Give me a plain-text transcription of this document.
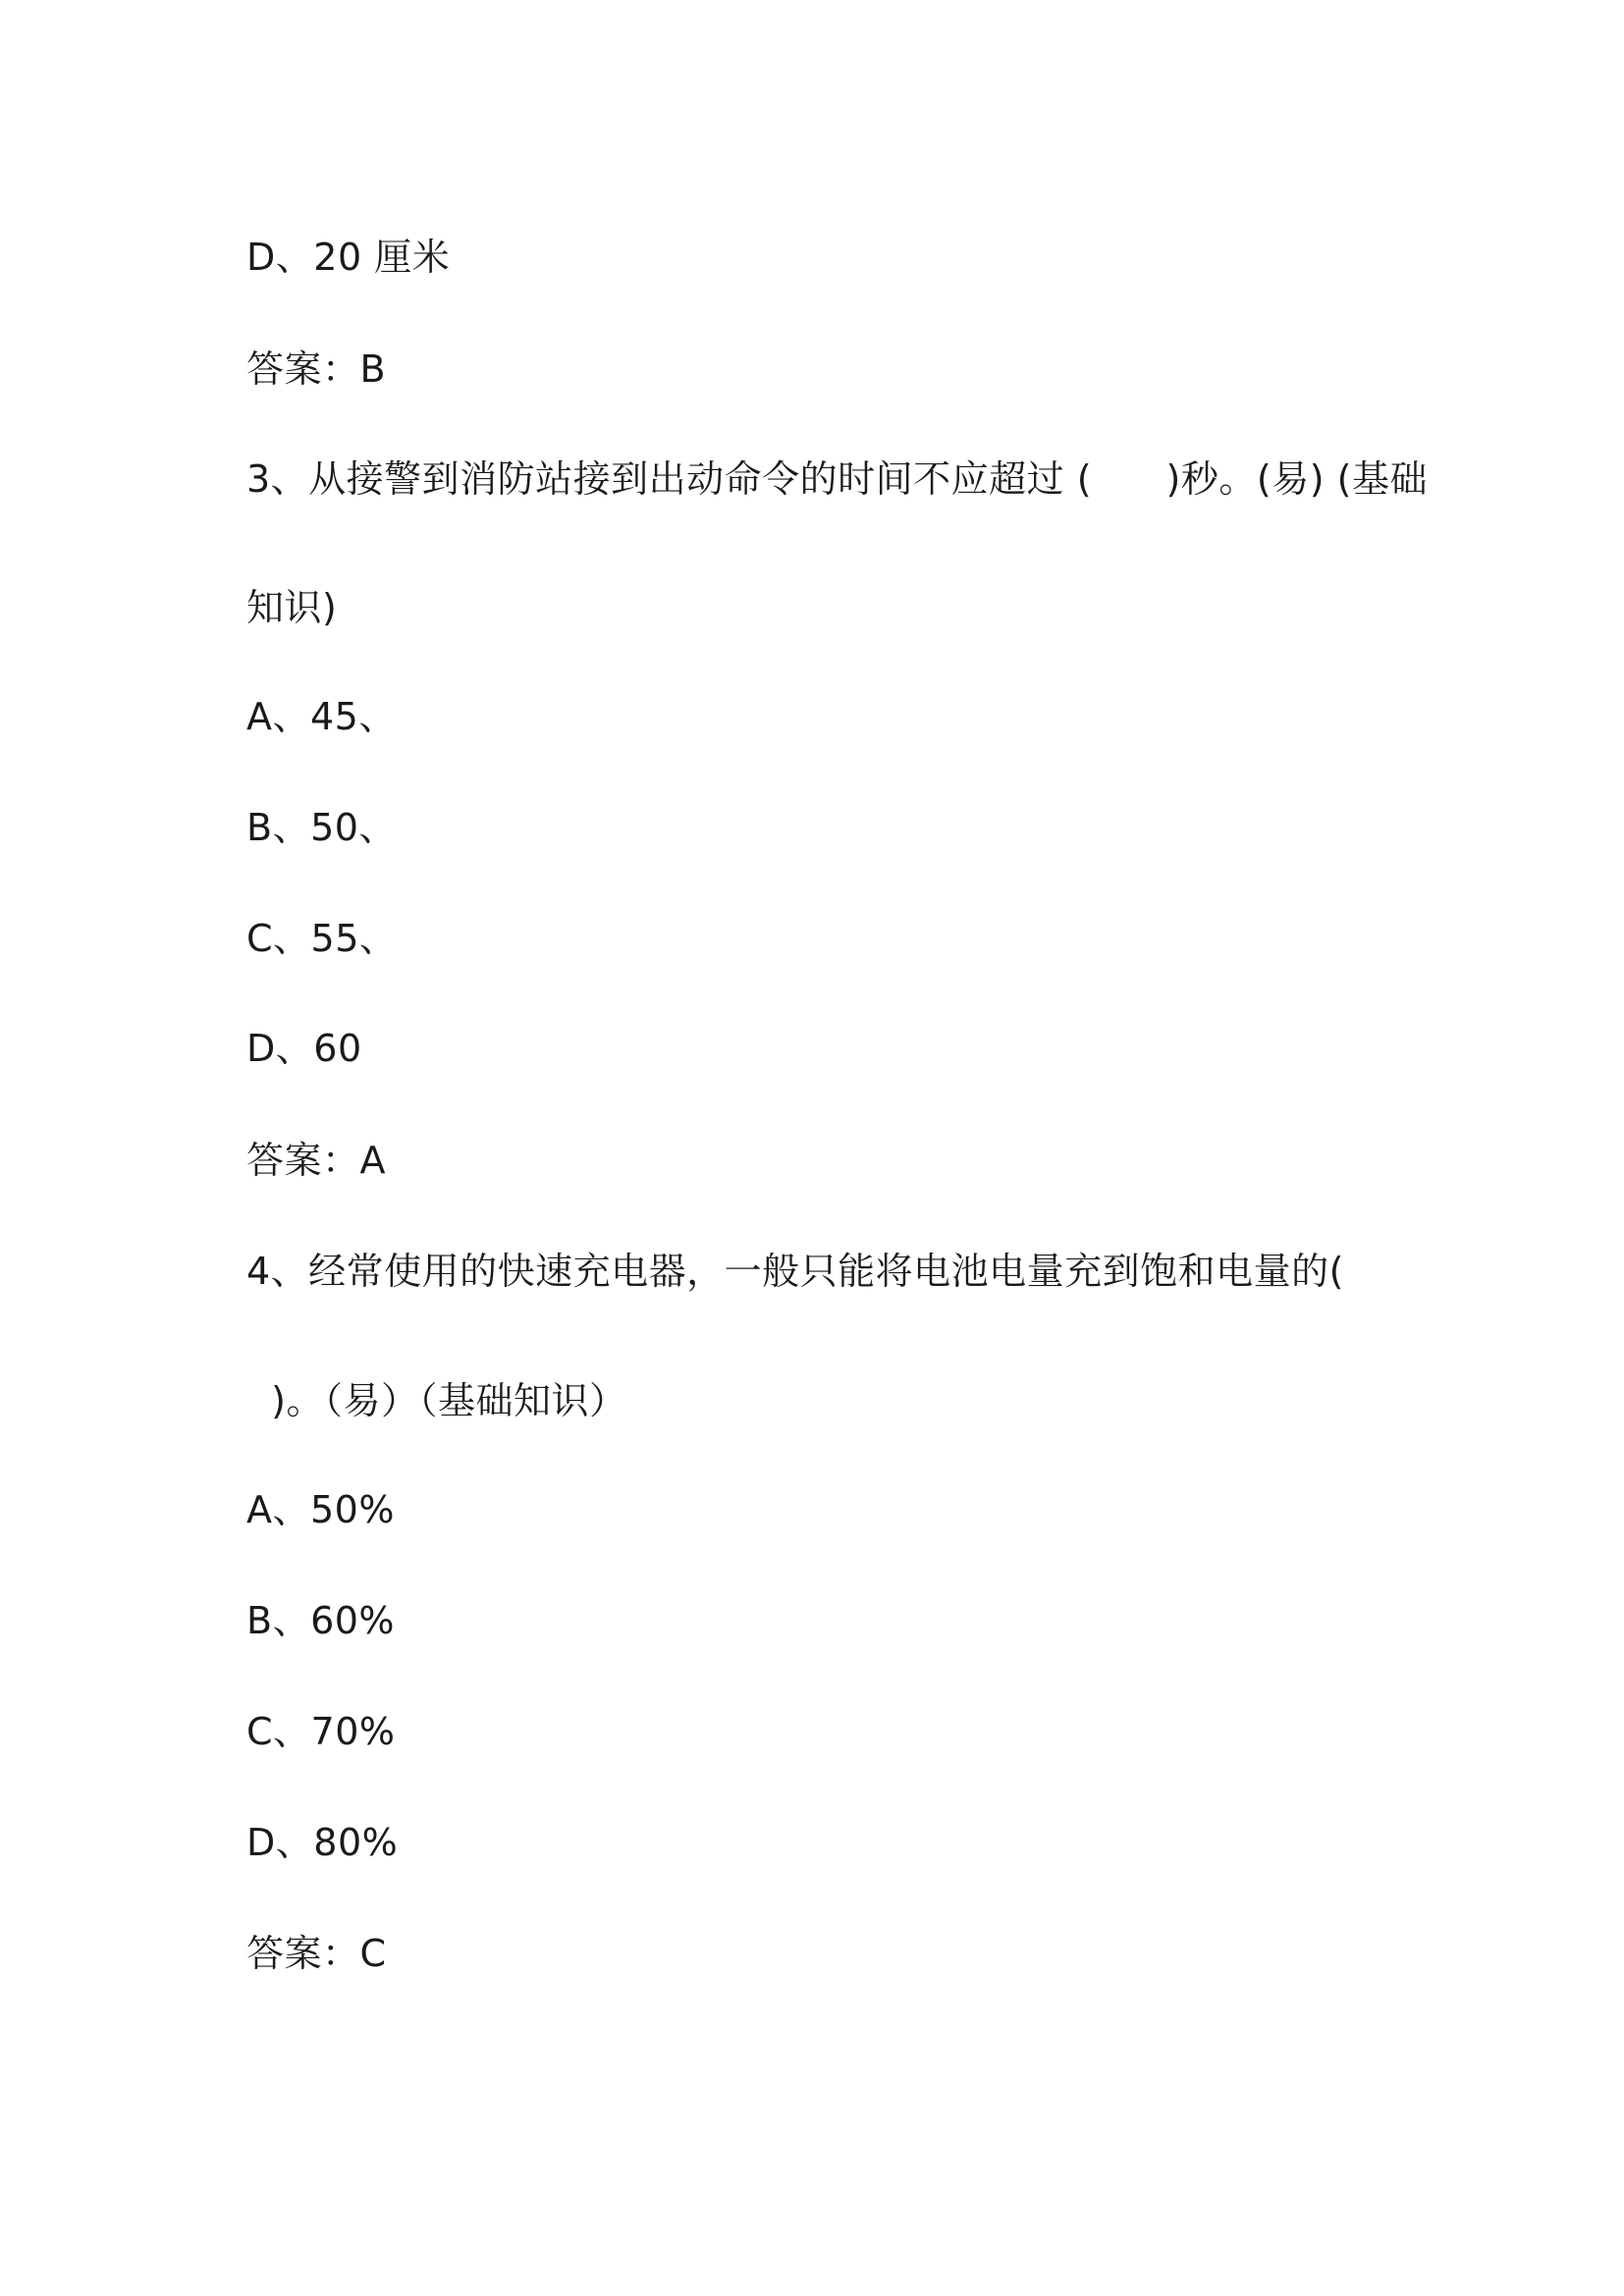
D、20 厘米
答案：B
3、从接警到消防站接到出动命令的时间不应超过 (      )秒。(易) (基础
知识)
A、45、
B、50、
C、55、
D、60
答案：A
4、经常使用的快速充电器，一般只能将电池电量充到饱和电量的(
)。（易）（基础知识）
A、50%
B、60%
C、70%
D、80%
答案：C
